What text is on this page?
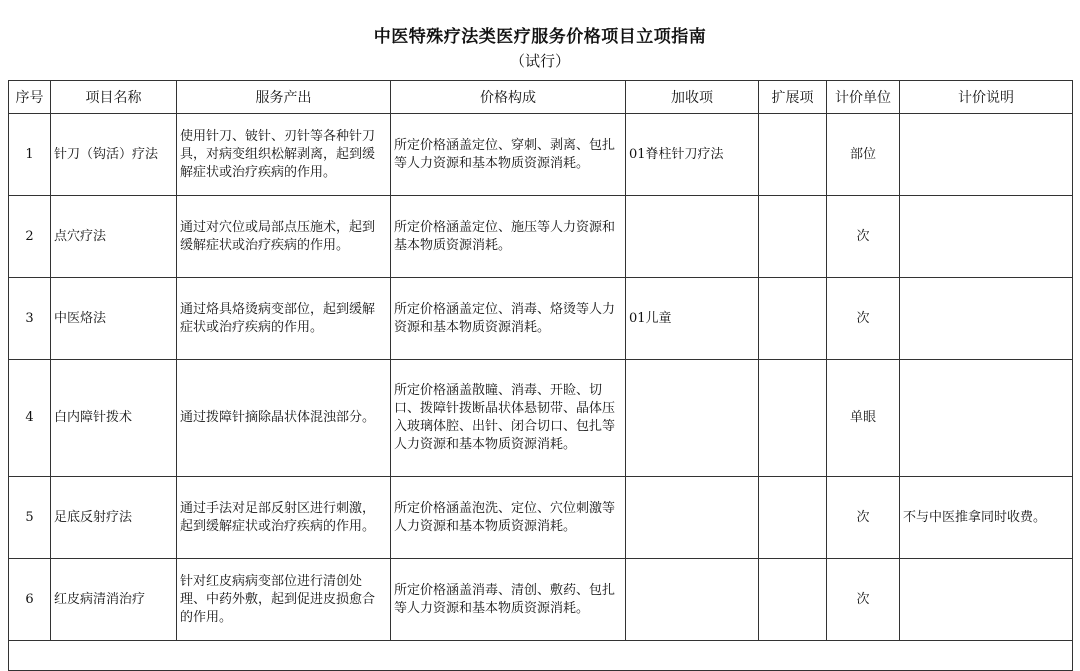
中医特殊疗法类医疗服务价格项目立项指南
（试行）
序号	项目名称	服务产出	价格构成	加收项	扩展项	计价单位	计价说明
1	针刀（钩活）疗法	使用针刀、铍针、刃针等各种针刀具，对病变组织松解剥离，起到缓解症状或治疗疾病的作用。	所定价格涵盖定位、穿刺、剥离、包扎等人力资源和基本物质资源消耗。	01脊柱针刀疗法		部位	
2	点穴疗法	通过对穴位或局部点压施术，起到缓解症状或治疗疾病的作用。	所定价格涵盖定位、施压等人力资源和基本物质资源消耗。			次	
3	中医烙法	通过烙具烙烫病变部位，起到缓解症状或治疗疾病的作用。	所定价格涵盖定位、消毒、烙烫等人力资源和基本物质资源消耗。	01儿童		次	
4	白内障针拨术	通过拨障针摘除晶状体混浊部分。	所定价格涵盖散瞳、消毒、开睑、切口、拨障针拨断晶状体悬韧带、晶体压入玻璃体腔、出针、闭合切口、包扎等人力资源和基本物质资源消耗。			单眼	
5	足底反射疗法	通过手法对足部反射区进行刺激，起到缓解症状或治疗疾病的作用。	所定价格涵盖泡洗、定位、穴位刺激等人力资源和基本物质资源消耗。			次	不与中医推拿同时收费。
6	红皮病清消治疗	针对红皮病病变部位进行清创处理、中药外敷，起到促进皮损愈合的作用。	所定价格涵盖消毒、清创、敷药、包扎等人力资源和基本物质资源消耗。			次	
